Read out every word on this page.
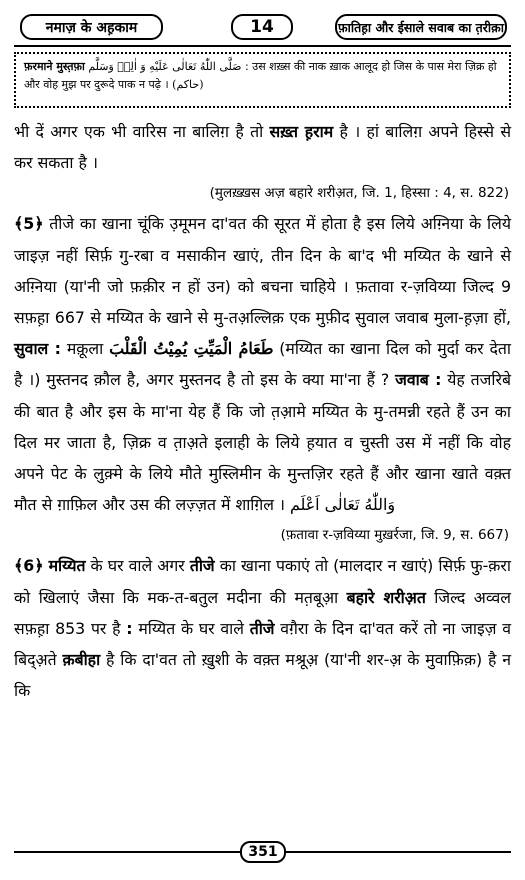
नमाज़ के अह़काम	14	फ़ातिह़ा और ईसाले सवाब का त़रीक़ा
फ़रमाने मुस्त़फ़ा صَلَّى اللّٰهُ تَعَالٰى عَلَيْهِ وَ اٰلِهٖ وَسَلَّم : उस शख़्स की नाक ख़ाक आलूद हो जिस के पास मेरा ज़िक्र हो और वोह मुझ पर दुरूदे पाक न पढ़े । (حاكم)

भी दें अगर एक भी वारिस ना बालिग़ है तो सख़्त ह़राम है । हां बालिग़ अपने हिस्से से कर सकता है ।

(मुलख़्ख़स अज़ बहारे शरीअ़त, जि. 1, हिस्सा : 4, स. 822)

﴾5﴿ तीजे का खाना चूंकि उ़मूमन दा'वत की सूरत में होता है इस लिये अग़्निया के लिये जाइज़ नहीं सिर्फ़ गु-रबा व मसाकीन खाएं, तीन दिन के बा'द भी मय्यित के खाने से अग़्निया (या'नी जो फ़क़ीर न हों उन) को बचना चाहिये । फ़तावा र-ज़विय्या जिल्द 9 सफ़ह़ा 667 से मय्यित के खाने से मु-तअ़ल्लिक़ एक मुफ़ीद सुवाल जवाब मुला-ह़ज़ा हों, सुवाल : मक़ूला طَعَامُ الْمَيِّتِ يُمِيْتُ الْقَلْبَ (मय्यित का खाना दिल को मुर्दा कर देता है ।) मुस्तनद क़ौल है, अगर मुस्तनद है तो इस के क्या मा'ना हैं ? जवाब : येह तजरिबे की बात है और इस के मा'ना येह हैं कि जो त़आ़मे मय्यित के मु-तमन्नी रहते हैं उन का दिल मर जाता है, ज़िक्र व त़ाअ़ते इलाही के लिये ह़यात व चुस्ती उस में नहीं कि वोह अपने पेट के लुक़्मे के लिये मौते मुस्लिमीन के मुन्तज़िर रहते हैं और खाना खाते वक़्त मौत से ग़ाफ़िल और उस की लज़्ज़त में शाग़िल । وَاللّٰهُ تَعَالٰى اَعْلَم

(फ़तावा र-ज़विय्या मुख़र्रजा, जि. 9, स. 667)

﴾6﴿ मय्यित के घर वाले अगर तीजे का खाना पकाएं तो (मालदार न खाएं) सिर्फ़ फु-क़रा को खिलाएं जैसा कि मक-त-बतुल मदीना की मत़बूआ़ बहारे शरीअ़त जिल्द अव्वल सफ़ह़ा 853 पर है : मय्यित के घर वाले तीजे वग़ैरा के दिन दा'वत करें तो ना जाइज़ व बिद्अ़ते क़बीहा है कि दा'वत तो ख़ुशी के वक़्त मश्रूअ़ (या'नी शर-अ़ के मुवाफ़िक़) है न कि

351
